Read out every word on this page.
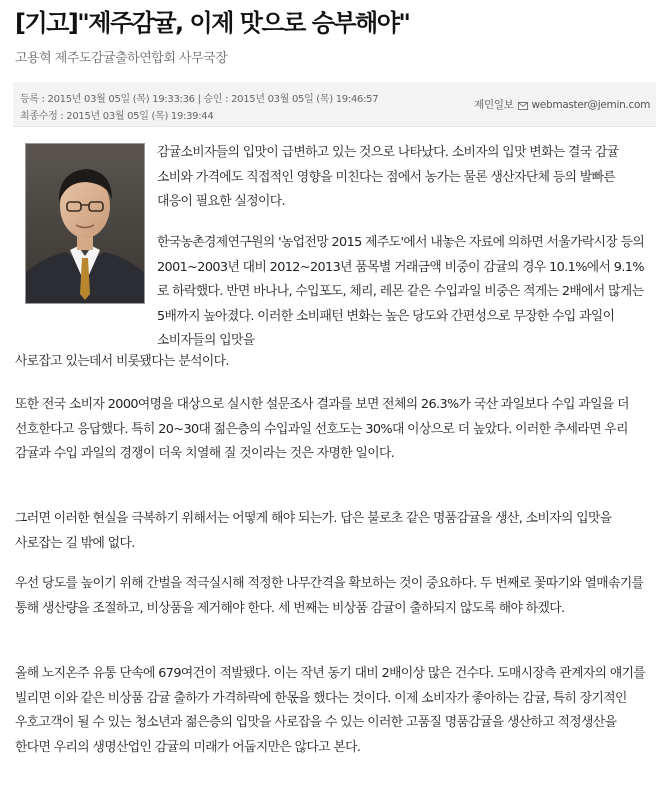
[기고]"제주감귤, 이제 맛으로 승부해야"
고용혁 제주도감귤출하연합회 사무국장
등록 : 2015년 03월 05일 (목) 19:33:36 | 승인 : 2015년 03월 05일 (목) 19:46:57
최종수정 : 2015년 03월 05일 (목) 19:39:44
제민일보 webmaster@jemin.com

감귤소비자들의 입맛이 급변하고 있는 것으로 나타났다. 소비자의 입맛 변화는 결국 감귤 소비와 가격에도 직접적인 영향을 미친다는 점에서 농가는 물론 생산자단체 등의 발빠른 대응이 필요한 실정이다.

한국농촌경제연구원의 '농업전망 2015 제주도'에서 내놓은 자료에 의하면 서울가락시장 등의 2001~2003년 대비 2012~2013년 품목별 거래금액 비중이 감귤의 경우 10.1%에서 9.1%로 하락했다. 반면 바나나, 수입포도, 체리, 레몬 같은 수입과일 비중은 적게는 2배에서 많게는 5배까지 높아졌다. 이러한 소비패턴 변화는 높은 당도와 간편성으로 무장한 수입 과일이 소비자들의 입맛을

사로잡고 있는데서 비롯됐다는 분석이다.

또한 전국 소비자 2000여명을 대상으로 실시한 설문조사 결과를 보면 전체의 26.3%가 국산 과일보다 수입 과일을 더 선호한다고 응답했다. 특히 20~30대 젊은층의 수입과일 선호도는 30%대 이상으로 더 높았다. 이러한 추세라면 우리 감귤과 수입 과일의 경쟁이 더욱 치열해 질 것이라는 것은 자명한 일이다.

그러면 이러한 현실을 극복하기 위해서는 어떻게 해야 되는가. 답은 불로초 같은 명품감귤을 생산, 소비자의 입맛을 사로잡는 길 밖에 없다.

우선 당도를 높이기 위해 간벌을 적극실시해 적정한 나무간격을 확보하는 것이 중요하다. 두 번째로 꽃따기와 열매솎기를 통해 생산량을 조절하고, 비상품을 제거해야 한다. 세 번째는 비상품 감귤이 출하되지 않도록 해야 하겠다.

올해 노지온주 유통 단속에 679여건이 적발됐다. 이는 작년 동기 대비 2배이상 많은 건수다. 도매시장측 관계자의 얘기를 빌리면 이와 같은 비상품 감귤 출하가 가격하락에 한몫을 했다는 것이다. 이제 소비자가 좋아하는 감귤, 특히 장기적인 우호고객이 될 수 있는 청소년과 젊은층의 입맛을 사로잡을 수 있는 이러한 고품질 명품감귤을 생산하고 적정생산을 한다면 우리의 생명산업인 감귤의 미래가 어둡지만은 않다고 본다.
